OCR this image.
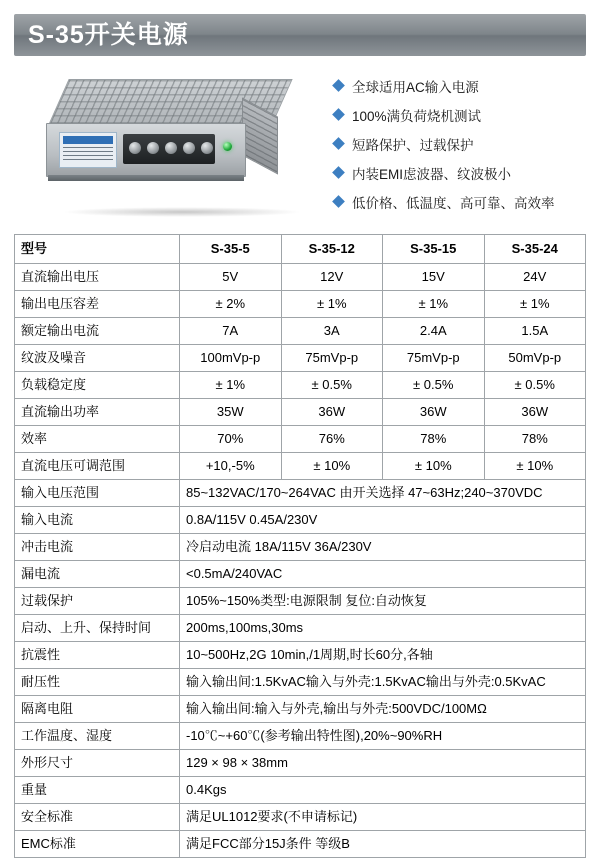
S-35开关电源
全球适用AC输入电源
100%满负荷烧机测试
短路保护、过载保护
内装EMI虑波器、纹波极小
低价格、低温度、高可靠、高效率
型号	S-35-5	S-35-12	S-35-15	S-35-24
直流输出电压	5V	12V	15V	24V
输出电压容差	± 2%	± 1%	± 1%	± 1%
额定输出电流	7A	3A	2.4A	1.5A
纹波及噪音	100mVp-p	75mVp-p	75mVp-p	50mVp-p
负载稳定度	± 1%	± 0.5%	± 0.5%	± 0.5%
直流输出功率	35W	36W	36W	36W
效率	70%	76%	78%	78%
直流电压可调范围	+10,-5%	± 10%	± 10%	± 10%
输入电压范围	85~132VAC/170~264VAC 由开关选择 47~63Hz;240~370VDC			
输入电流	0.8A/115V 0.45A/230V			
冲击电流	冷启动电流 18A/115V 36A/230V			
漏电流	<0.5mA/240VAC			
过载保护	105%~150%类型:电源限制 复位:自动恢复			
启动、上升、保持时间	200ms,100ms,30ms			
抗震性	10~500Hz,2G 10min,/1周期,时长60分,各轴			
耐压性	输入输出间:1.5KvAC输入与外壳:1.5KvAC输出与外壳:0.5KvAC			
隔离电阻	输入输出间:输入与外壳,输出与外壳:500VDC/100MΩ			
工作温度、湿度	-10℃~+60℃(参考输出特性图),20%~90%RH			
外形尺寸	129 × 98 × 38mm			
重量	0.4Kgs			
安全标准	满足UL1012要求(不申请标记)			
EMC标准	满足FCC部分15J条件 等级B			
